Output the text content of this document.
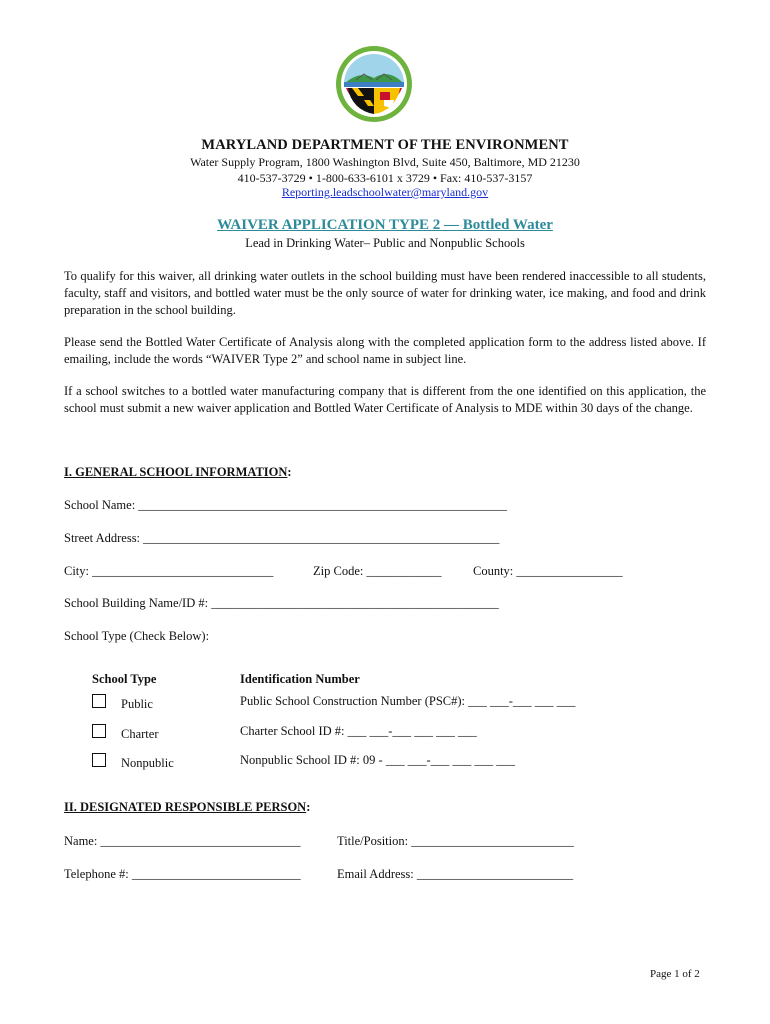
MARYLAND DEPARTMENT OF THE ENVIRONMENT
Water Supply Program, 1800 Washington Blvd, Suite 450, Baltimore, MD 21230
410-537-3729 • 1-800-633-6101 x 3729 • Fax: 410-537-3157
Reporting.leadschoolwater@maryland.gov
WAIVER APPLICATION TYPE 2 — Bottled Water
Lead in Drinking Water– Public and Nonpublic Schools

To qualify for this waiver, all drinking water outlets in the school building must have been rendered inaccessible to all students, faculty, staff and visitors, and bottled water must be the only source of water for drinking water, ice making, and food and drink preparation in the school building.

Please send the Bottled Water Certificate of Analysis along with the completed application form to the address listed above. If emailing, include the words “WAIVER Type 2” and school name in subject line.

If a school switches to a bottled water manufacturing company that is different from the one identified on this application, the school must submit a new waiver application and Bottled Water Certificate of Analysis to MDE within 30 days of the change.

I. GENERAL SCHOOL INFORMATION:
School Name: ___________________________________________________________
Street Address: _________________________________________________________
City: _____________________________	Zip Code: ____________	County: _________________
School Building Name/ID #: ______________________________________________
School Type (Check Below):
School Type	Identification Number
Public	Public School Construction Number (PSC#): ___ ___-___ ___ ___
Charter	Charter School ID #: ___ ___-___ ___ ___ ___
Nonpublic	Nonpublic School ID #: 09 - ___ ___-___ ___ ___ ___
II. DESIGNATED RESPONSIBLE PERSON:
Name: ________________________________	Title/Position: __________________________
Telephone #: ___________________________	Email Address: _________________________
Page 1 of 2
